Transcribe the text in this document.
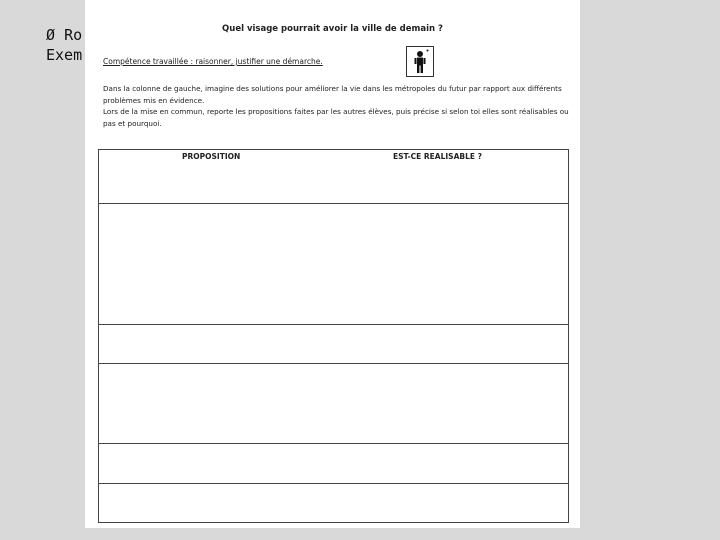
Ø Ro
Exem
Quel visage pourrait avoir la ville de demain ?
Compétence travaillée : raisonner, justifier une démarche.

Dans la colonne de gauche, imagine des solutions pour améliorer la vie dans les métropoles du futur par rapport aux différents problèmes mis en évidence.

Lors de la mise en commun, reporte les propositions faites par les autres élèves, puis précise si selon toi elles sont réalisables ou pas et pourquoi.

PROPOSITION	EST-CE REALISABLE ?
